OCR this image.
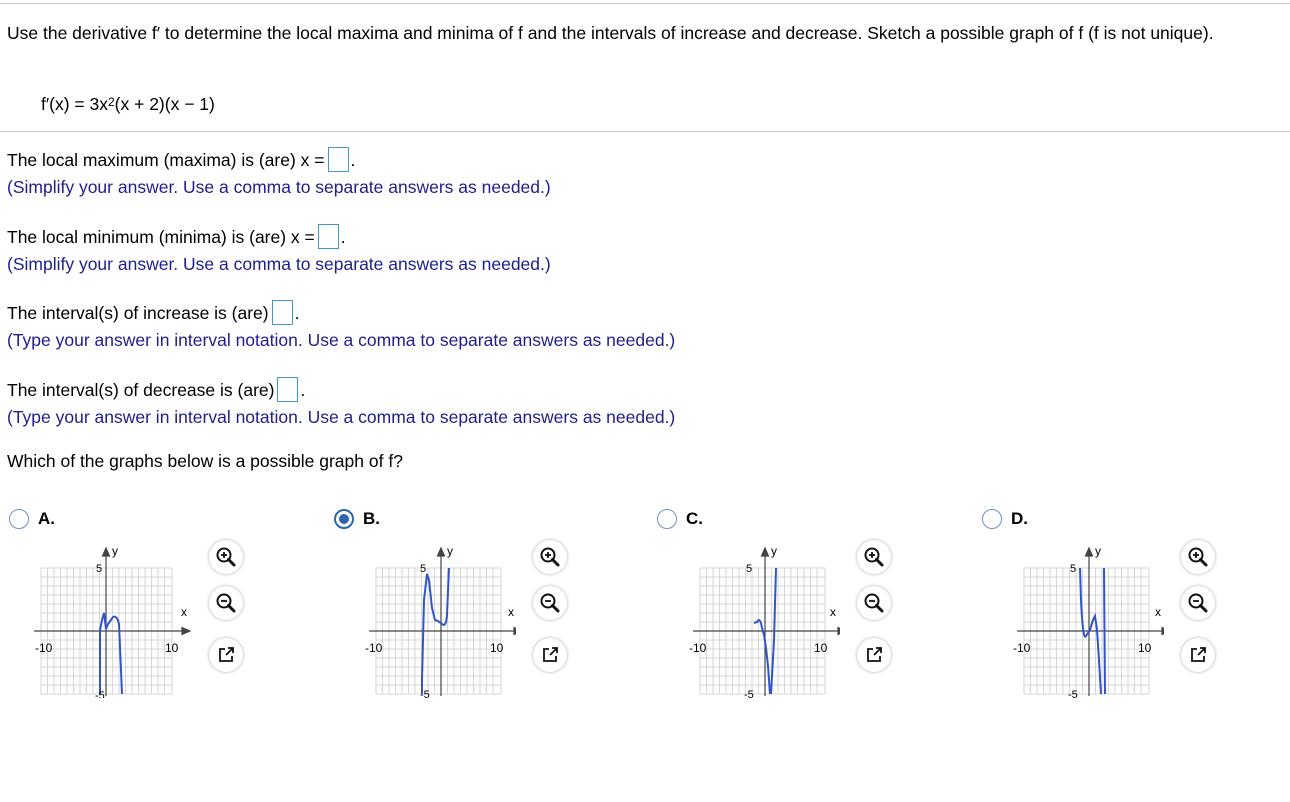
Use the derivative f′ to determine the local maxima and minima of f and the intervals of increase and decrease. Sketch a possible graph of f (f is not unique).
$f'(x) = 3x^2(x + 2)(x - 1)$
The local maximum (maxima) is (are) x = .
(Simplify your answer. Use a comma to separate answers as needed.)
The local minimum (minima) is (are) x = .
(Simplify your answer. Use a comma to separate answers as needed.)
The interval(s) of increase is (are) .
(Type your answer in interval notation. Use a comma to separate answers as needed.)
The interval(s) of decrease is (are) .
(Type your answer in interval notation. Use a comma to separate answers as needed.)
Which of the graphs below is a possible graph of f?
A.
y
x
5
-5
-10	10
B.
y
x
5
-5
-10	10
C.
y
x
5
-5
-10	10
D.
y
x
5
-5
-10	10
